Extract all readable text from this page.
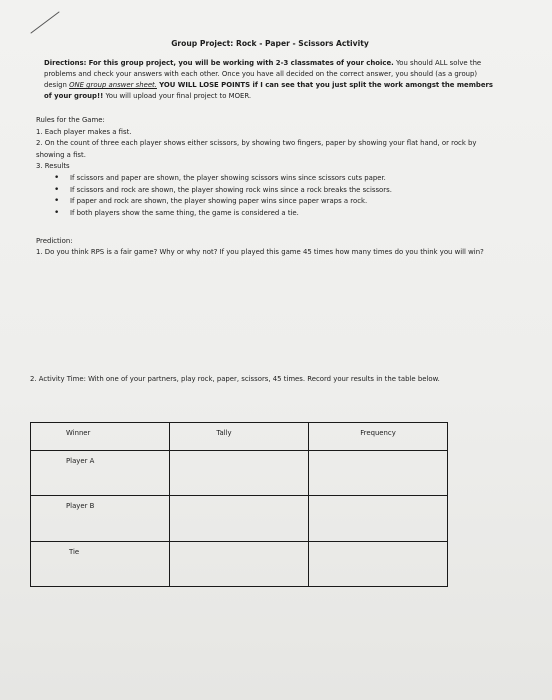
Group Project: Rock - Paper - Scissors Activity
Directions: For this group project, you will be working with 2-3 classmates of your choice. You should ALL solve the problems and check your answers with each other. Once you have all decided on the correct answer, you should (as a group) design ONE group answer sheet. YOU WILL LOSE POINTS if I can see that you just split the work amongst the members of your group!! You will upload your final project to MOER.

Rules for the Game:

1. Each player makes a fist.

2. On the count of three each player shows either scissors, by showing two fingers, paper by showing your flat hand, or rock by showing a fist.

3. Results

• If scissors and paper are shown, the player showing scissors wins since scissors cuts paper.
• If scissors and rock are shown, the player showing rock wins since a rock breaks the scissors.
• If paper and rock are shown, the player showing paper wins since paper wraps a rock.
• If both players show the same thing, the game is considered a tie.

Prediction:

1. Do you think RPS is a fair game? Why or why not? If you played this game 45 times how many times do you think you will win?

2. Activity Time: With one of your partners, play rock, paper, scissors, 45 times. Record your results in the table below.
Winner	Tally	Frequency

Player A		

Player B		

Tie		
